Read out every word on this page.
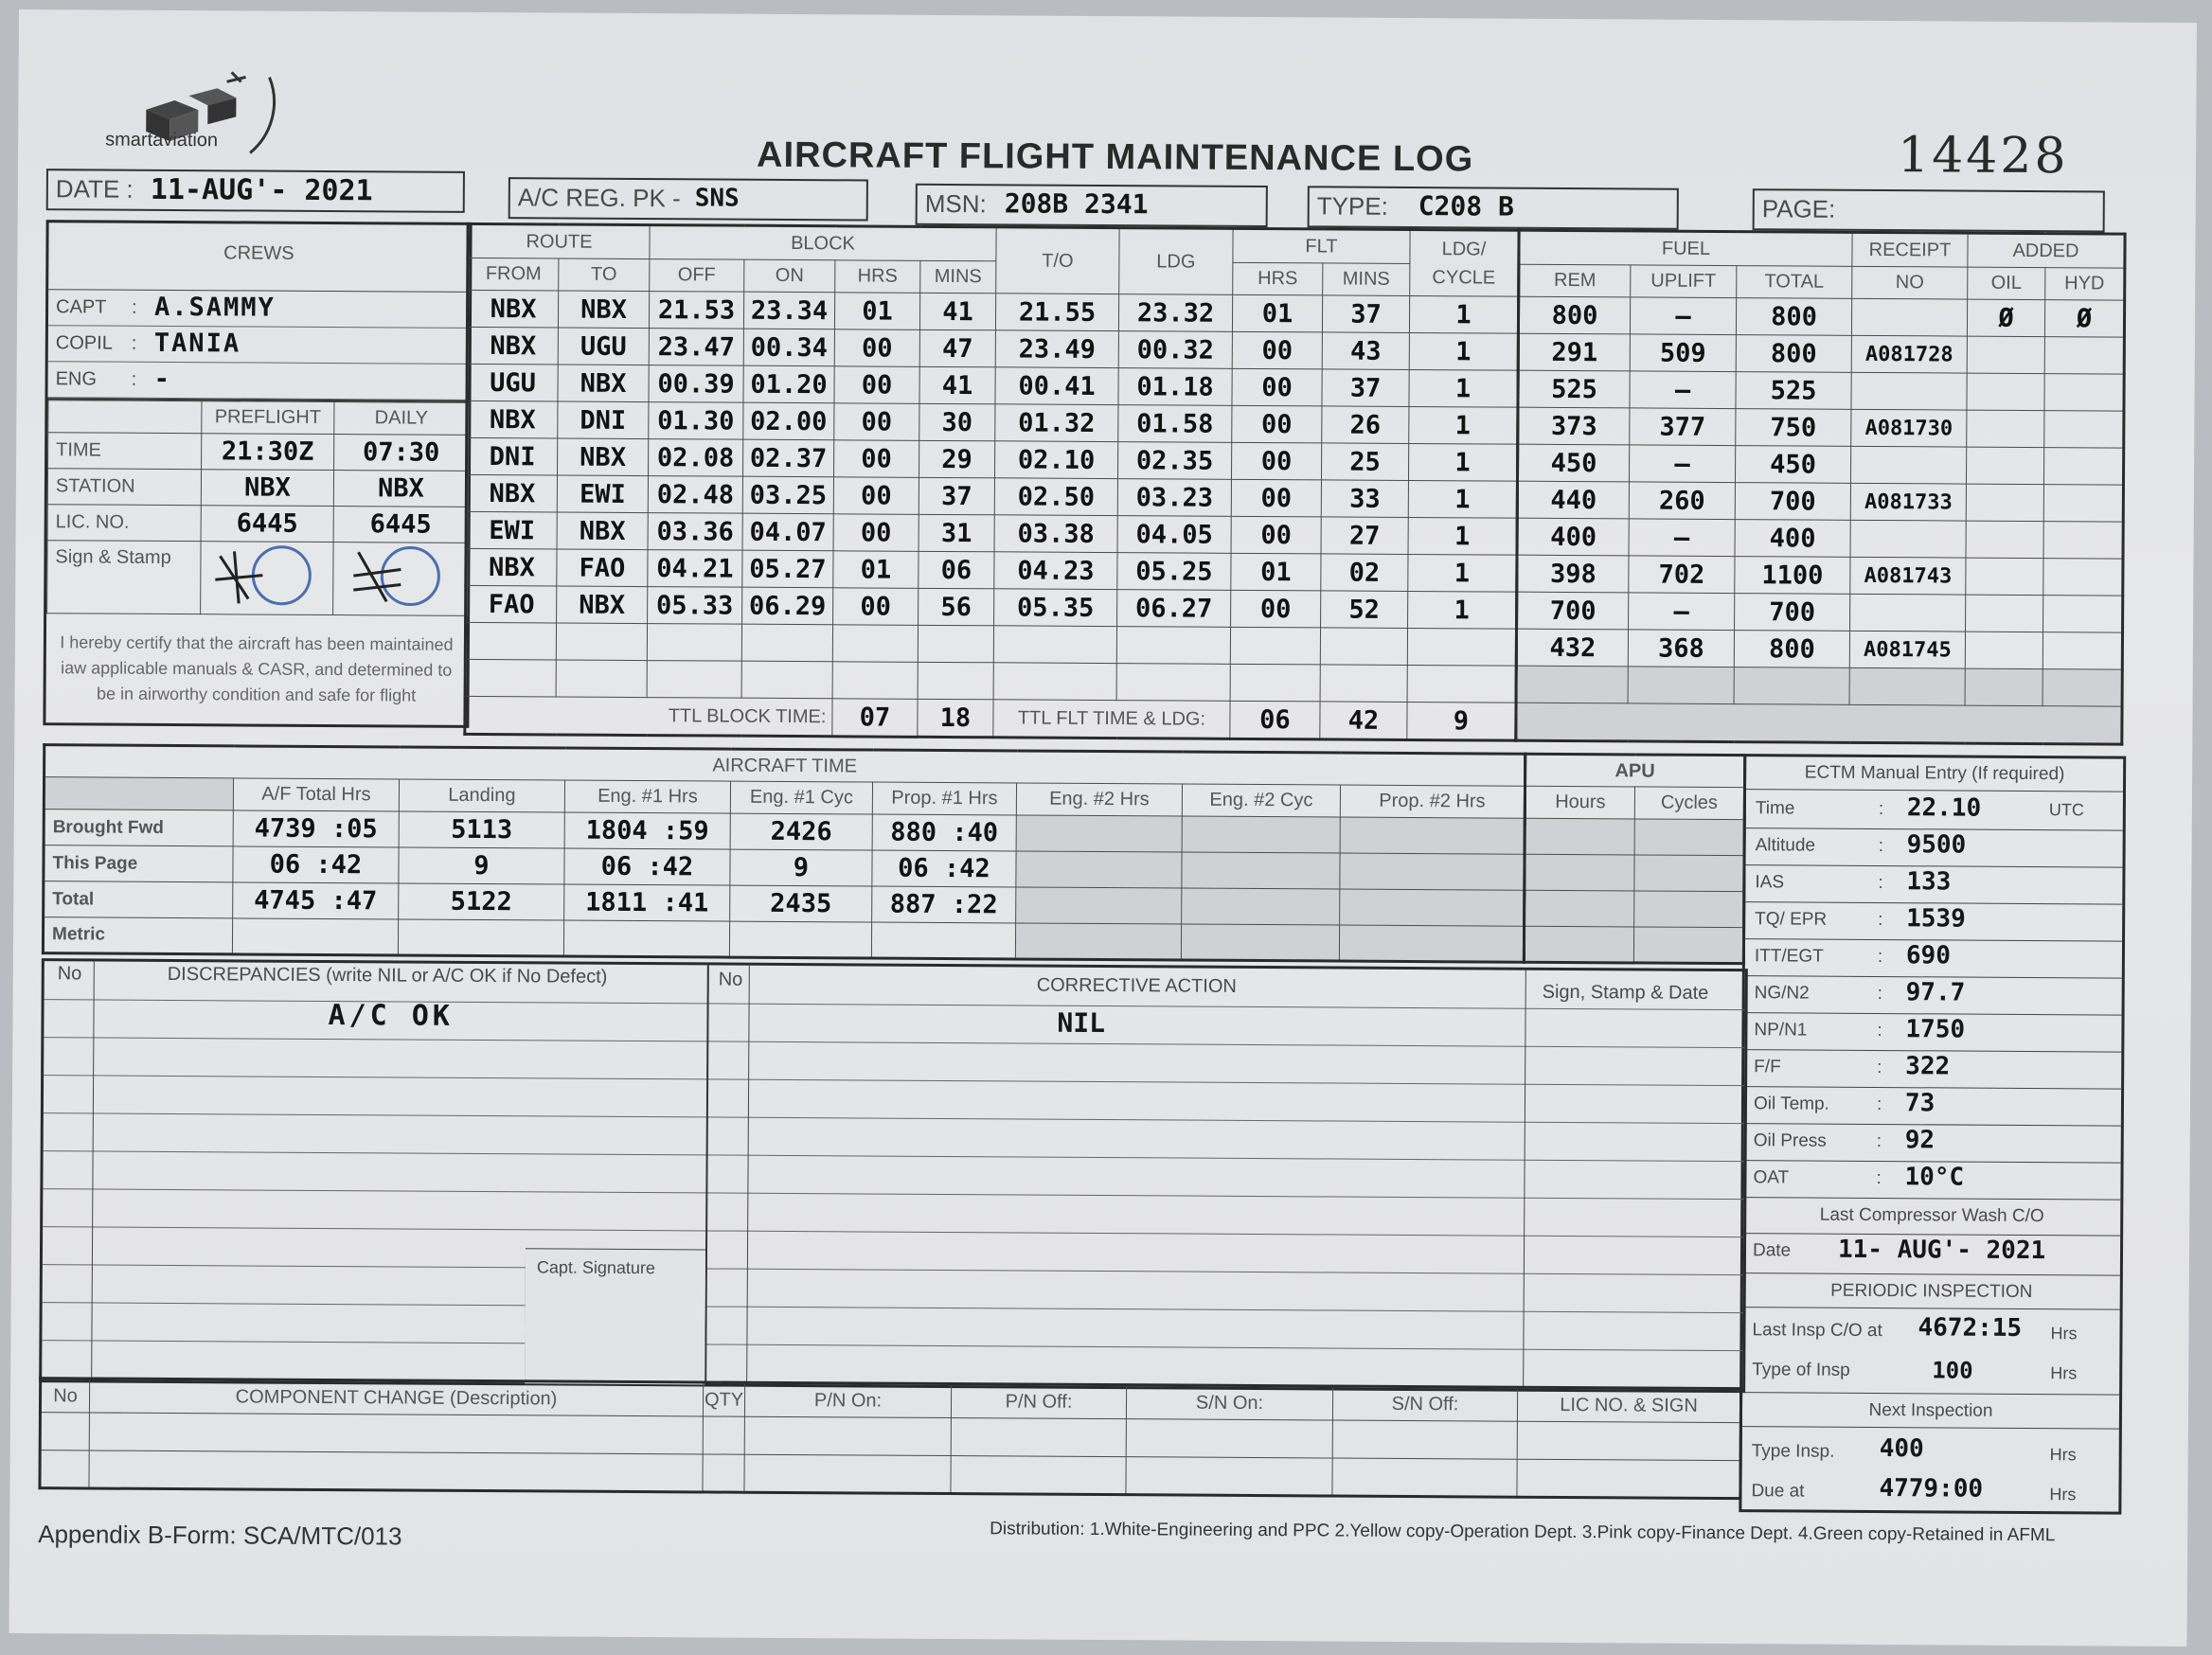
smartaviation	AIRCRAFT FLIGHT MAINTENANCE LOG	14428
DATE : 11-AUG'- 2021	A/C REG. PK - SNS	MSN: 208B 2341	TYPE: C208 B	PAGE:
CREWS
CAPT : A.SAMMY
COPIL : TANIA
ENG : -
	PREFLIGHT	DAILY
TIME	21:30Z	07:30
STATION	NBX	NBX
LIC. NO.	6445	6445
Sign & Stamp		
I hereby certify that the aircraft has been maintained iaw applicable manuals & CASR, and determined to be in airworthy condition and safe for flight
ROUTE		BLOCK				T/O	LDG	FLT		LDG/ CYCLE
FROM	TO	OFF	ON	HRS	MINS			HRS	MINS	
NBX	NBX	21.53	23.34	01	41	21.55	23.32	01	37	1
NBX	UGU	23.47	00.34	00	47	23.49	00.32	00	43	1
UGU	NBX	00.39	01.20	00	41	00.41	01.18	00	37	1
NBX	DNI	01.30	02.00	00	30	01.32	01.58	00	26	1
DNI	NBX	02.08	02.37	00	29	02.10	02.35	00	25	1
NBX	EWI	02.48	03.25	00	37	02.50	03.23	00	33	1
EWI	NBX	03.36	04.07	00	31	03.38	04.05	00	27	1
NBX	FAO	04.21	05.27	01	06	04.23	05.25	01	02	1
FAO	NBX	05.33	06.29	00	56	05.35	06.27	00	52	1

TTL BLOCK TIME:				07	18	TTL FLT TIME & LDG:		06	42	9
FUEL			RECEIPT	ADDED	
REM	UPLIFT	TOTAL	NO	OIL	HYD
800	–	800		Ø	Ø
291	509	800	A081728		
525	–	525			
373	377	750	A081730		
450	–	450			
440	260	700	A081733		
400	–	400			
398	702	1100	A081743		
700	–	700			
432	368	800	A081745		

AIRCRAFT TIME								
	A/F Total Hrs	Landing	Eng. #1 Hrs	Eng. #1 Cyc	Prop. #1 Hrs	Eng. #2 Hrs	Eng. #2 Cyc	Prop. #2 Hrs
Brought Fwd	4739 :05	5113	1804 :59	2426	880 :40			
This Page	06 :42	9	06 :42	9	06 :42			
Total	4745 :47	5122	1811 :41	2435	887 :22			
Metric								
APU	
Hours	Cycles

ECTM Manual Entry (If required)
Time	: 22.10	UTC
Altitude	: 9500
IAS	: 133
TQ/ EPR	: 1539
ITT/EGT	: 690
NG/N2	: 97.7
NP/N1	: 1750
F/F	: 322
Oil Temp.	: 73
Oil Press	: 92
OAT	: 10°C
Last Compressor Wash C/O
Date 11- AUG'- 2021
PERIODIC INSPECTION
Last Insp C/O at 4672:15 Hrs
Type of Insp	100	Hrs
Next Inspection
Type Insp. 400	Hrs
Due at	4779:00	Hrs
No	DISCREPANCIES (write NIL or A/C OK if No Defect)
A/C OK
No	CORRECTIVE ACTION
NIL
Sign, Stamp & Date
Capt. Signature
No	COMPONENT CHANGE (Description)	QTY	P/N On:	P/N Off:	S/N On:	S/N Off:	LIC NO. & SIGN

Appendix B-Form: SCA/MTC/013	Distribution: 1.White-Engineering and PPC 2.Yellow copy-Operation Dept. 3.Pink copy-Finance Dept. 4.Green copy-Retained in AFML
